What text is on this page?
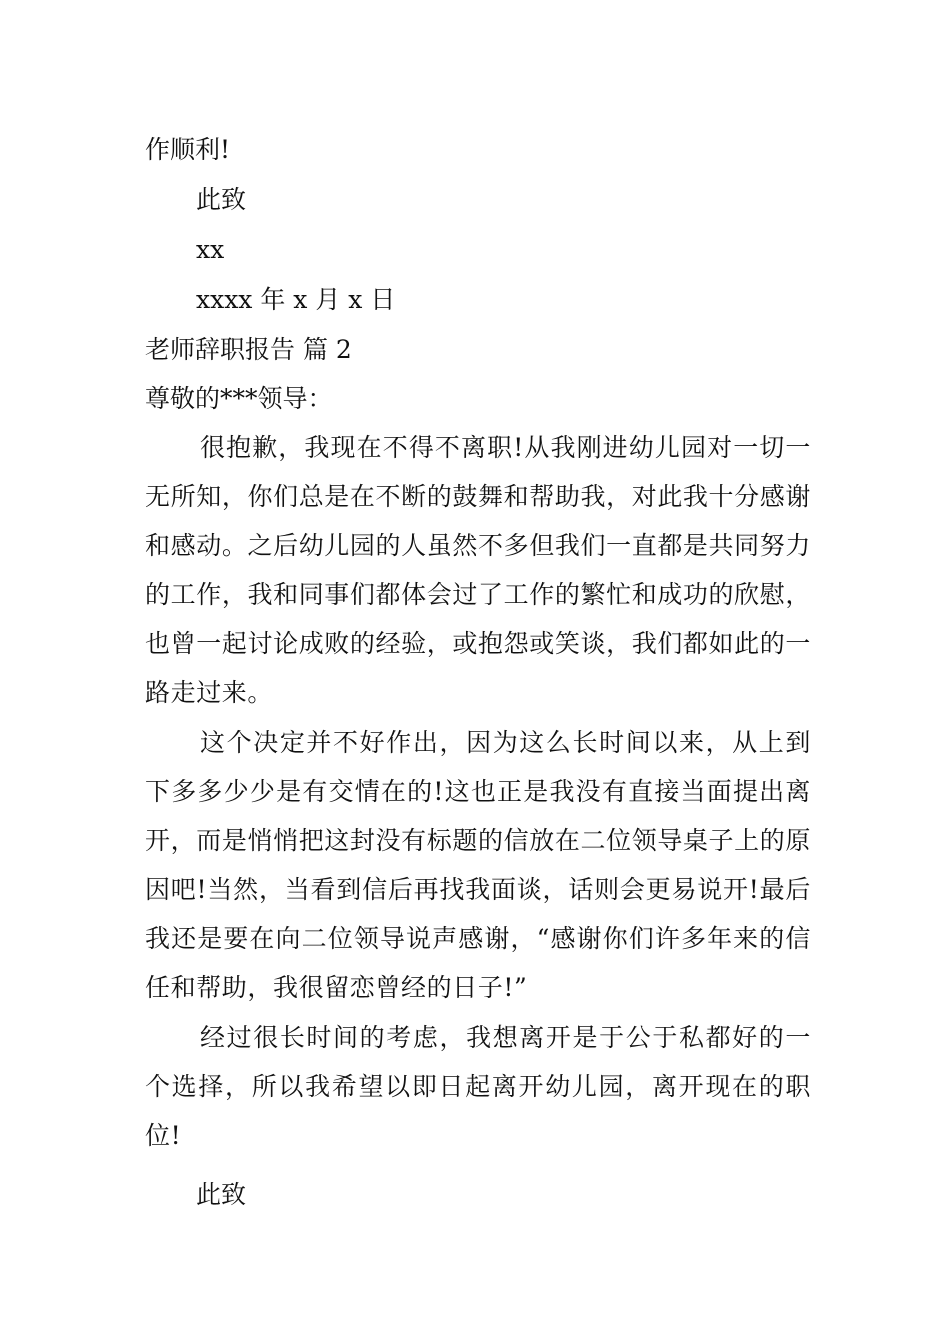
作顺利!
此致
xx
xxxx 年 x 月 x 日
老师辞职报告 篇 2
尊敬的***领导：
很抱歉，我现在不得不离职!从我刚进幼儿园对一切一无所知，你们总是在不断的鼓舞和帮助我，对此我十分感谢和感动。之后幼儿园的人虽然不多但我们一直都是共同努力的工作，我和同事们都体会过了工作的繁忙和成功的欣慰，也曾一起讨论成败的经验，或抱怨或笑谈，我们都如此的一路走过来。
这个决定并不好作出，因为这么长时间以来，从上到下多多少少是有交情在的!这也正是我没有直接当面提出离开，而是悄悄把这封没有标题的信放在二位领导桌子上的原因吧!当然，当看到信后再找我面谈，话则会更易说开!最后我还是要在向二位领导说声感谢，“感谢你们许多年来的信任和帮助，我很留恋曾经的日子!”
经过很长时间的考虑，我想离开是于公于私都好的一个选择，所以我希望以即日起离开幼儿园，离开现在的职位!
此致
